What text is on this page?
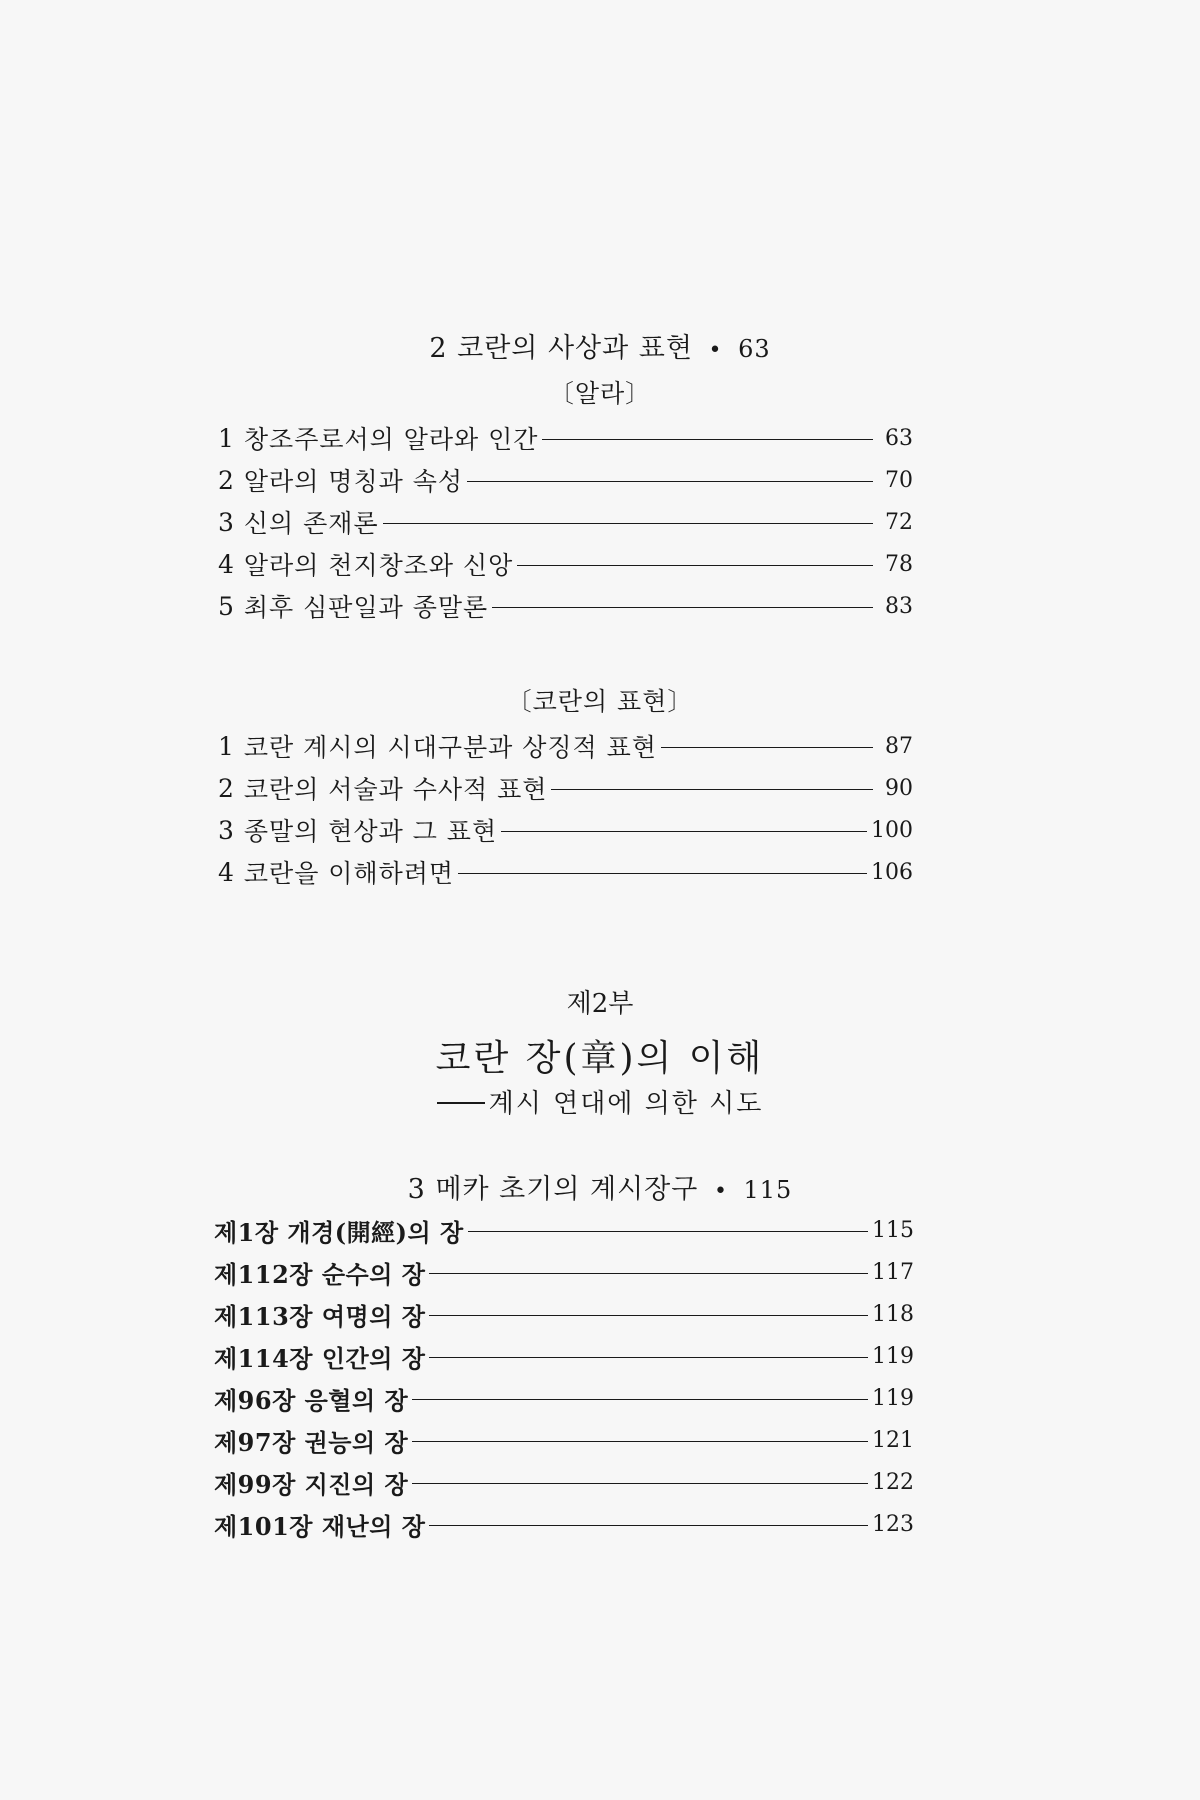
2 코란의 사상과 표현 • 63
〔알라〕
1 창조주로서의 알라와 인간	63
2 알라의 명칭과 속성	70
3 신의 존재론	72
4 알라의 천지창조와 신앙	78
5 최후 심판일과 종말론	83
〔코란의 표현〕
1 코란 계시의 시대구분과 상징적 표현	87
2 코란의 서술과 수사적 표현	90
3 종말의 현상과 그 표현	100
4 코란을 이해하려면	106
제2부
코란 장(章)의 이해
계시 연대에 의한 시도
3 메카 초기의 계시장구 • 115
제1장 개경(開經)의 장	115
제112장 순수의 장	117
제113장 여명의 장	118
제114장 인간의 장	119
제96장 응혈의 장	119
제97장 권능의 장	121
제99장 지진의 장	122
제101장 재난의 장	123
